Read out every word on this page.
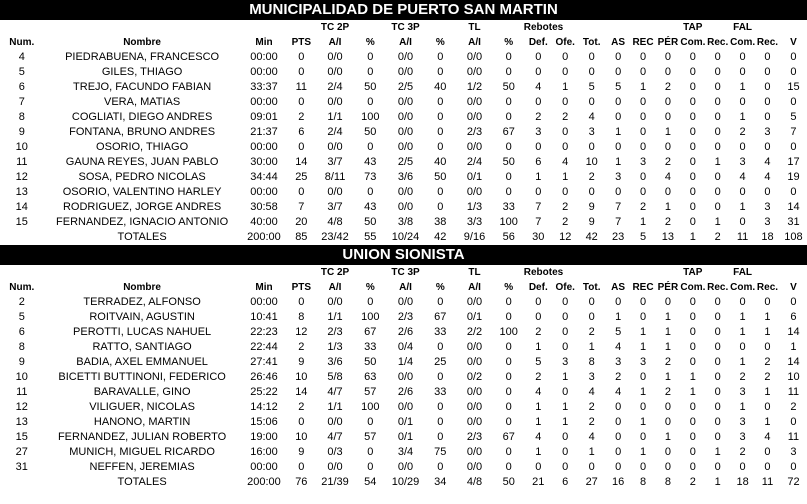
MUNICIPALIDAD DE PUERTO SAN MARTIN
				TC 2P		TC 3P		TL		Rebotes						TAP		FAL		
Num.	Nombre	Min	PTS	A/I	%	A/I	%	A/I	%	Def.	Ofe.	Tot.	AS	REC	PÉR	Com.	Rec.	Com.	Rec.	V
4	PIEDRABUENA, FRANCESCO	00:00	0	0/0	0	0/0	0	0/0	0	0	0	0	0	0	0	0	0	0	0	0
5	GILES, THIAGO	00:00	0	0/0	0	0/0	0	0/0	0	0	0	0	0	0	0	0	0	0	0	0
6	TREJO, FACUNDO FABIAN	33:37	11	2/4	50	2/5	40	1/2	50	4	1	5	5	1	2	0	0	1	0	15
7	VERA, MATIAS	00:00	0	0/0	0	0/0	0	0/0	0	0	0	0	0	0	0	0	0	0	0	0
8	COGLIATI, DIEGO ANDRES	09:01	2	1/1	100	0/0	0	0/0	0	2	2	4	0	0	0	0	0	1	0	5
9	FONTANA, BRUNO ANDRES	21:37	6	2/4	50	0/0	0	2/3	67	3	0	3	1	0	1	0	0	2	3	7
10	OSORIO, THIAGO	00:00	0	0/0	0	0/0	0	0/0	0	0	0	0	0	0	0	0	0	0	0	0
11	GAUNA REYES, JUAN PABLO	30:00	14	3/7	43	2/5	40	2/4	50	6	4	10	1	3	2	0	1	3	4	17
12	SOSA, PEDRO NICOLAS	34:44	25	8/11	73	3/6	50	0/1	0	1	1	2	3	0	4	0	0	4	4	19
13	OSORIO, VALENTINO HARLEY	00:00	0	0/0	0	0/0	0	0/0	0	0	0	0	0	0	0	0	0	0	0	0
14	RODRIGUEZ, JORGE ANDRES	30:58	7	3/7	43	0/0	0	1/3	33	7	2	9	7	2	1	0	0	1	3	14
15	FERNANDEZ, IGNACIO ANTONIO	40:00	20	4/8	50	3/8	38	3/3	100	7	2	9	7	1	2	0	1	0	3	31
	TOTALES	200:00	85	23/42	55	10/24	42	9/16	56	30	12	42	23	5	13	1	2	11	18	108
UNION SIONISTA
				TC 2P		TC 3P		TL		Rebotes						TAP		FAL		
Num.	Nombre	Min	PTS	A/I	%	A/I	%	A/I	%	Def.	Ofe.	Tot.	AS	REC	PÉR	Com.	Rec.	Com.	Rec.	V
2	TERRADEZ, ALFONSO	00:00	0	0/0	0	0/0	0	0/0	0	0	0	0	0	0	0	0	0	0	0	0
5	ROITVAIN, AGUSTIN	10:41	8	1/1	100	2/3	67	0/1	0	0	0	0	1	0	1	0	0	1	1	6
6	PEROTTI, LUCAS NAHUEL	22:23	12	2/3	67	2/6	33	2/2	100	2	0	2	5	1	1	0	0	1	1	14
8	RATTO, SANTIAGO	22:44	2	1/3	33	0/4	0	0/0	0	1	0	1	4	1	1	0	0	0	0	1
9	BADIA, AXEL EMMANUEL	27:41	9	3/6	50	1/4	25	0/0	0	5	3	8	3	3	2	0	0	1	2	14
10	BICETTI BUTTINONI, FEDERICO	26:46	10	5/8	63	0/0	0	0/2	0	2	1	3	2	0	1	1	0	2	2	10
11	BARAVALLE, GINO	25:22	14	4/7	57	2/6	33	0/0	0	4	0	4	4	1	2	1	0	3	1	11
12	VILIGUER, NICOLAS	14:12	2	1/1	100	0/0	0	0/0	0	1	1	2	0	0	0	0	0	1	0	2
13	HANONO, MARTIN	15:06	0	0/0	0	0/1	0	0/0	0	1	1	2	0	1	0	0	0	3	1	0
15	FERNANDEZ, JULIAN ROBERTO	19:00	10	4/7	57	0/1	0	2/3	67	4	0	4	0	0	1	0	0	3	4	11
27	MUNICH, MIGUEL RICARDO	16:00	9	0/3	0	3/4	75	0/0	0	1	0	1	0	1	0	0	1	2	0	3
31	NEFFEN, JEREMIAS	00:00	0	0/0	0	0/0	0	0/0	0	0	0	0	0	0	0	0	0	0	0	0
	TOTALES	200:00	76	21/39	54	10/29	34	4/8	50	21	6	27	16	8	8	2	1	18	11	72
